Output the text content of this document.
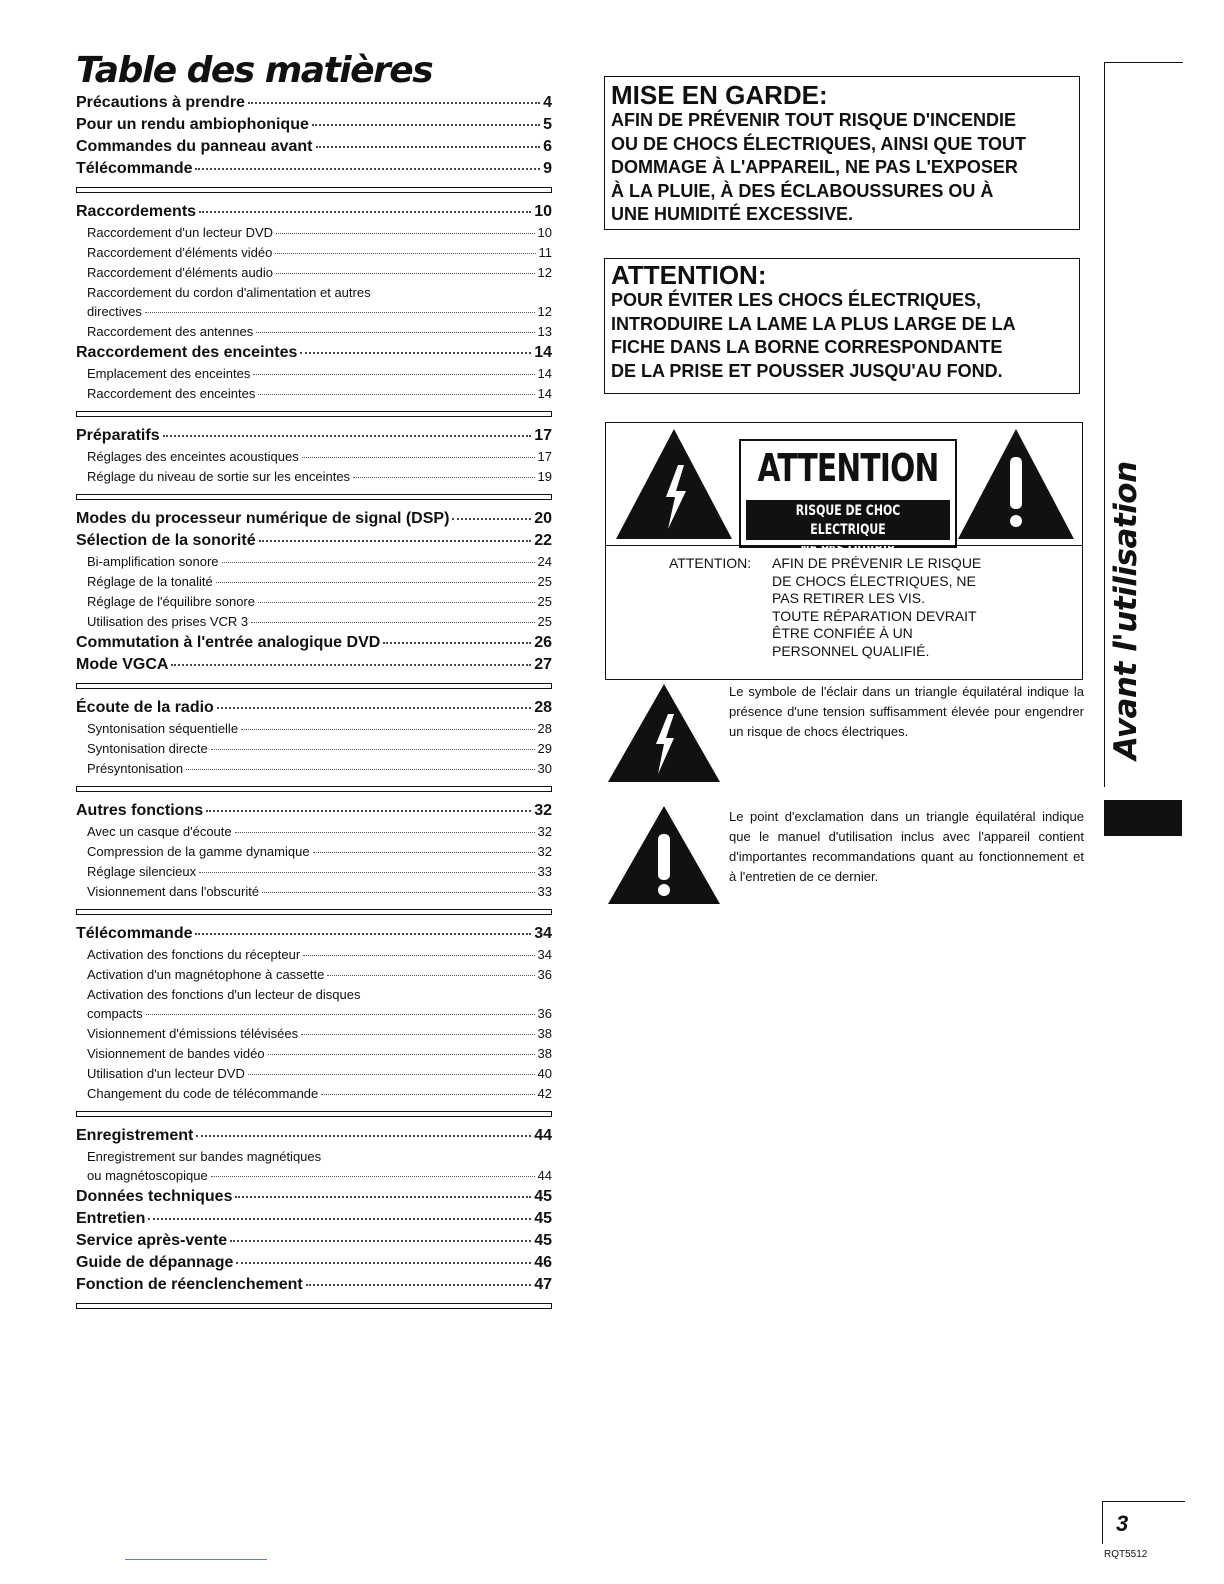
Table des matières
Précautions à prendre	4
Pour un rendu ambiophonique	5
Commandes du panneau avant	6
Télécommande	9
Raccordements	10
Raccordement d'un lecteur DVD	10
Raccordement d'éléments vidéo	11
Raccordement d'éléments audio	12
Raccordement du cordon d'alimentation et autres
directives	12
Raccordement des antennes	13
Raccordement des enceintes	14
Emplacement des enceintes	14
Raccordement des enceintes	14
Préparatifs	17
Réglages des enceintes acoustiques	17
Réglage du niveau de sortie sur les enceintes	19
Modes du processeur numérique de signal (DSP)	20
Sélection de la sonorité	22
Bi-amplification sonore	24
Réglage de la tonalité	25
Réglage de l'équilibre sonore	25
Utilisation des prises VCR 3	25
Commutation à l'entrée analogique DVD	26
Mode VGCA	27
Écoute de la radio	28
Syntonisation séquentielle	28
Syntonisation directe	29
Présyntonisation	30
Autres fonctions	32
Avec un casque d'écoute	32
Compression de la gamme dynamique	32
Réglage silencieux	33
Visionnement dans l'obscurité	33
Télécommande	34
Activation des fonctions du récepteur	34
Activation d'un magnétophone à cassette	36
Activation des fonctions d'un lecteur de disques
compacts	36
Visionnement d'émissions télévisées	38
Visionnement de bandes vidéo	38
Utilisation d'un lecteur DVD	40
Changement du code de télécommande	42
Enregistrement	44
Enregistrement sur bandes magnétiques
ou magnétoscopique	44
Données techniques	45
Entretien	45
Service après-vente	45
Guide de dépannage	46
Fonction de réenclenchement	47
MISE EN GARDE:

AFIN DE PRÉVENIR TOUT RISQUE D'INCENDIE

OU DE CHOCS ÉLECTRIQUES, AINSI QUE TOUT

DOMMAGE À L'APPAREIL, NE PAS L'EXPOSER

À LA PLUIE, À DES ÉCLABOUSSURES OU À

UNE HUMIDITÉ EXCESSIVE.

ATTENTION:

POUR ÉVITER LES CHOCS ÉLECTRIQUES,

INTRODUIRE LA LAME LA PLUS LARGE DE LA

FICHE DANS LA BORNE CORRESPONDANTE

DE LA PRISE ET POUSSER JUSQU'AU FOND.

ATTENTION
RISQUE DE CHOC ELECTRIQUE
NE PAS OUVRIR
ATTENTION: AFIN DE PRÉVENIR LE RISQUE
DE CHOCS ÉLECTRIQUES, NE
PAS RETIRER LES VIS.
TOUTE RÉPARATION DEVRAIT
ÊTRE CONFIÉE À UN
PERSONNEL QUALIFIÉ.
Le symbole de l'éclair dans un triangle équilatéral indique la présence d'une tension suffisamment élevée pour engendrer un risque de chocs électriques.
Le point d'exclamation dans un triangle équilatéral indique que le manuel d'utilisation inclus avec l'appareil contient d'importantes recommandations quant au fonctionnement et à l'entretien de ce dernier.
Avant l'utilisation
3
RQT5512
